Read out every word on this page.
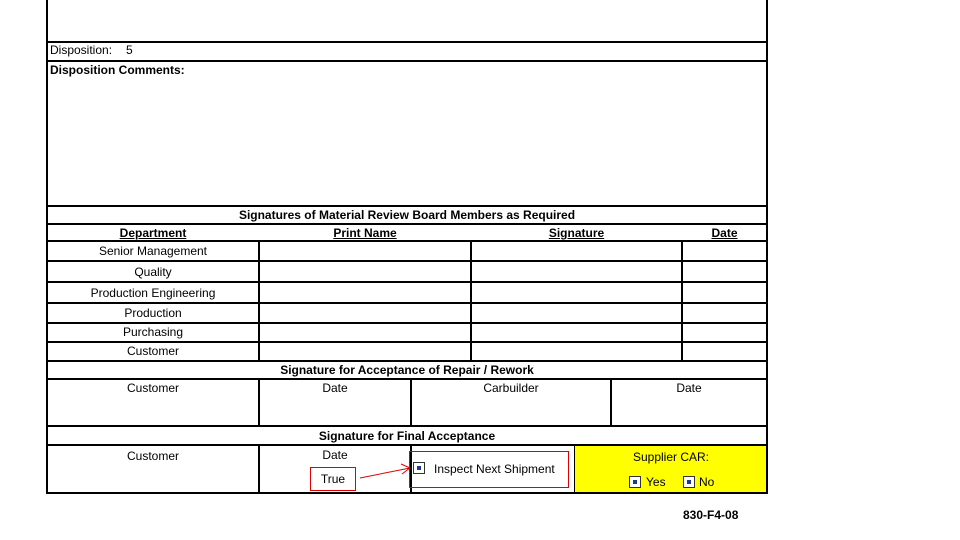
Disposition: 5
Disposition Comments:
Signatures of Material Review Board Members as Required
Department	Print Name	Signature	Date
Senior Management
Quality
Production Engineering
Production
Purchasing
Customer
Signature for Acceptance of Repair / Rework
Customer	Date	Carbuilder	Date
Signature for Final Acceptance
Customer	Date
True
Inspect Next Shipment
Supplier CAR:
Yes	No
830-F4-08
